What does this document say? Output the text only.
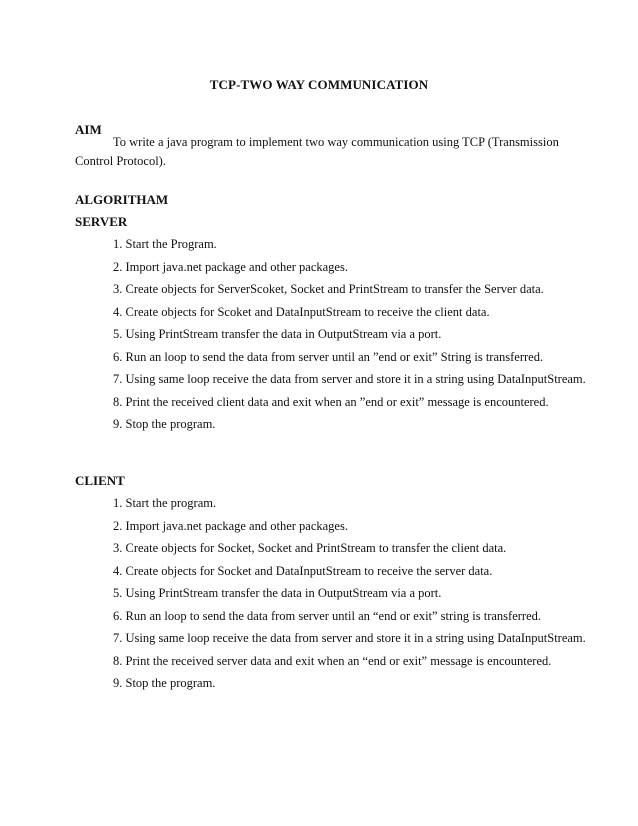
TCP-TWO WAY COMMUNICATION
AIM
To write a java program to implement two way communication using TCP (Transmission Control Protocol).
ALGORITHAM
SERVER
1. Start the Program.
2. Import java.net package and other packages.
3. Create objects for ServerScoket, Socket and PrintStream to transfer the Server data.
4. Create objects for Scoket and DataInputStream to receive the client data.
5. Using PrintStream transfer the data in OutputStream via a port.
6. Run an loop to send the data from server until an ”end or exit” String is transferred.
7. Using same loop receive the data from server and store it in a string using DataInputStream.
8. Print the received client data and exit when an ”end or exit” message is encountered.
9. Stop the program.
CLIENT
1. Start the program.
2. Import java.net package and other packages.
3. Create objects for Socket, Socket and PrintStream to transfer the client data.
4. Create objects for Socket and DataInputStream to receive the server data.
5. Using PrintStream transfer the data in OutputStream via a port.
6. Run an loop to send the data from server until an “end or exit” string is transferred.
7. Using same loop receive the data from server and store it in a string using DataInputStream.
8. Print the received server data and exit when an “end or exit” message is encountered.
9. Stop the program.
